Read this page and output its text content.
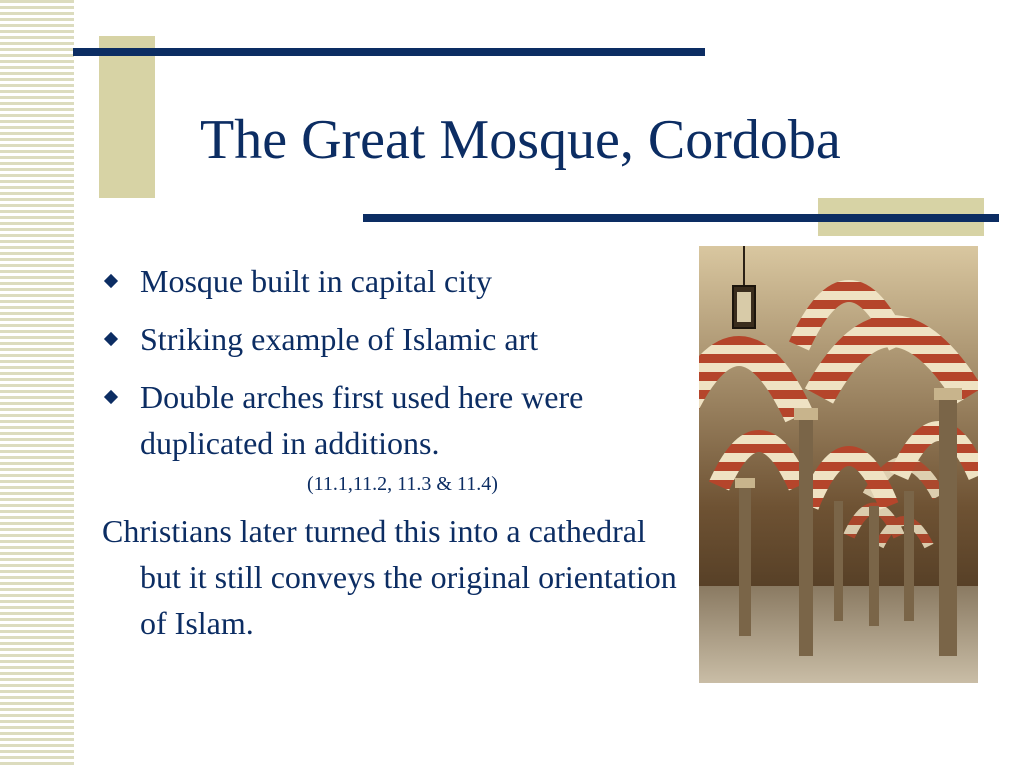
The Great Mosque, Cordoba
Mosque built in capital city
Striking example of Islamic art
Double arches first used here were duplicated in additions.
(11.1,11.2, 11.3 & 11.4)
Christians later turned this into a cathedral but it still conveys the original orientation of Islam.
